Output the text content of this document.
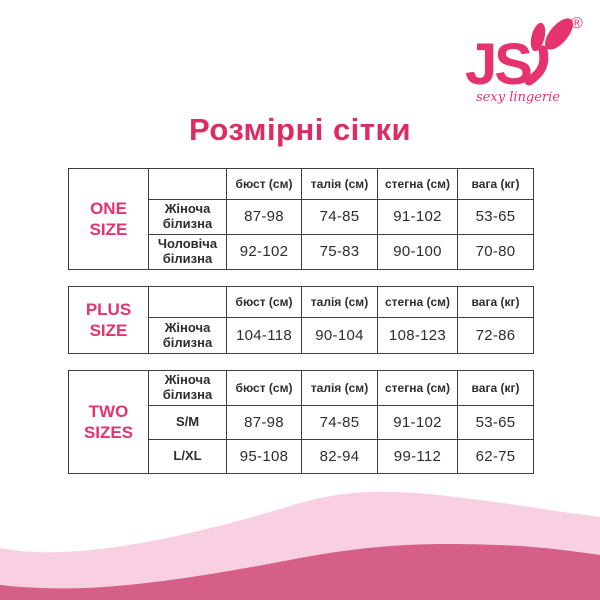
JS
®
sexy lingerie
Розмірні сітки
ONE SIZE		бюст (см)	талія (см)	стегна (см)	вага (кг)
	Жіноча білизна	87-98	74-85	91-102	53-65
	Чоловіча білизна	92-102	75-83	90-100	70-80
PLUS SIZE		бюст (см)	талія (см)	стегна (см)	вага (кг)
	Жіноча білизна	104-118	90-104	108-123	72-86
TWO SIZES	Жіноча білизна	бюст (см)	талія (см)	стегна (см)	вага (кг)
	S/M	87-98	74-85	91-102	53-65
	L/XL	95-108	82-94	99-112	62-75
